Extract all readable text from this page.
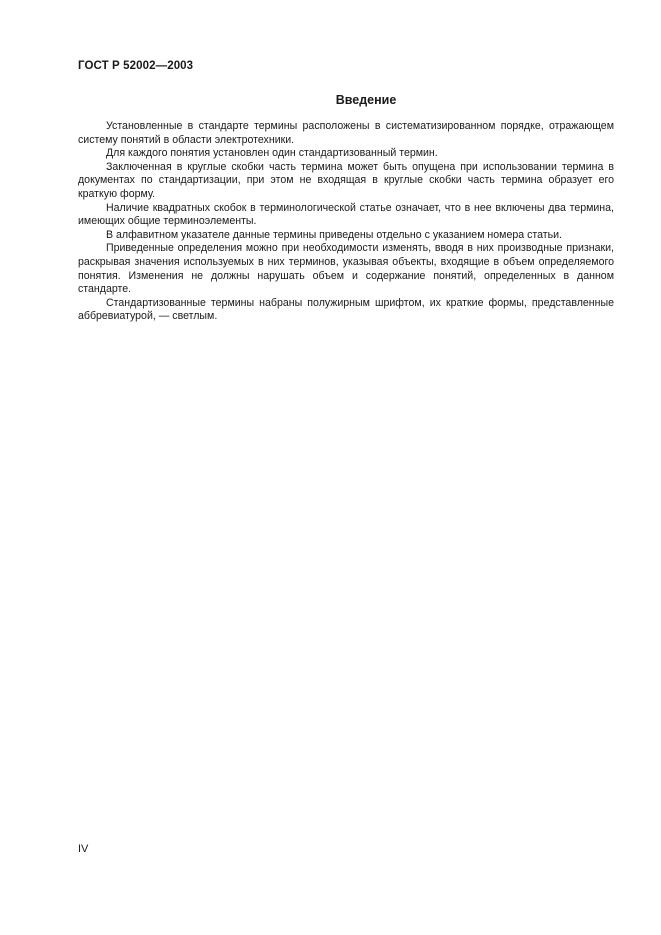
ГОСТ Р 52002—2003
Введение

Установленные в стандарте термины расположены в систематизированном порядке, отражающем систему понятий в области электротехники.

Для каждого понятия установлен один стандартизованный термин.

Заключенная в круглые скобки часть термина может быть опущена при использовании термина в документах по стандартизации, при этом не входящая в круглые скобки часть термина образует его краткую форму.

Наличие квадратных скобок в терминологической статье означает, что в нее включены два термина, имеющих общие терминоэлементы.

В алфавитном указателе данные термины приведены отдельно с указанием номера статьи.

Приведенные определения можно при необходимости изменять, вводя в них производные признаки, раскрывая значения используемых в них терминов, указывая объекты, входящие в объем определяемого понятия. Изменения не должны нарушать объем и содержание понятий, определенных в данном стандарте.

Стандартизованные термины набраны полужирным шрифтом, их краткие формы, представленные аббревиатурой, — светлым.

IV
